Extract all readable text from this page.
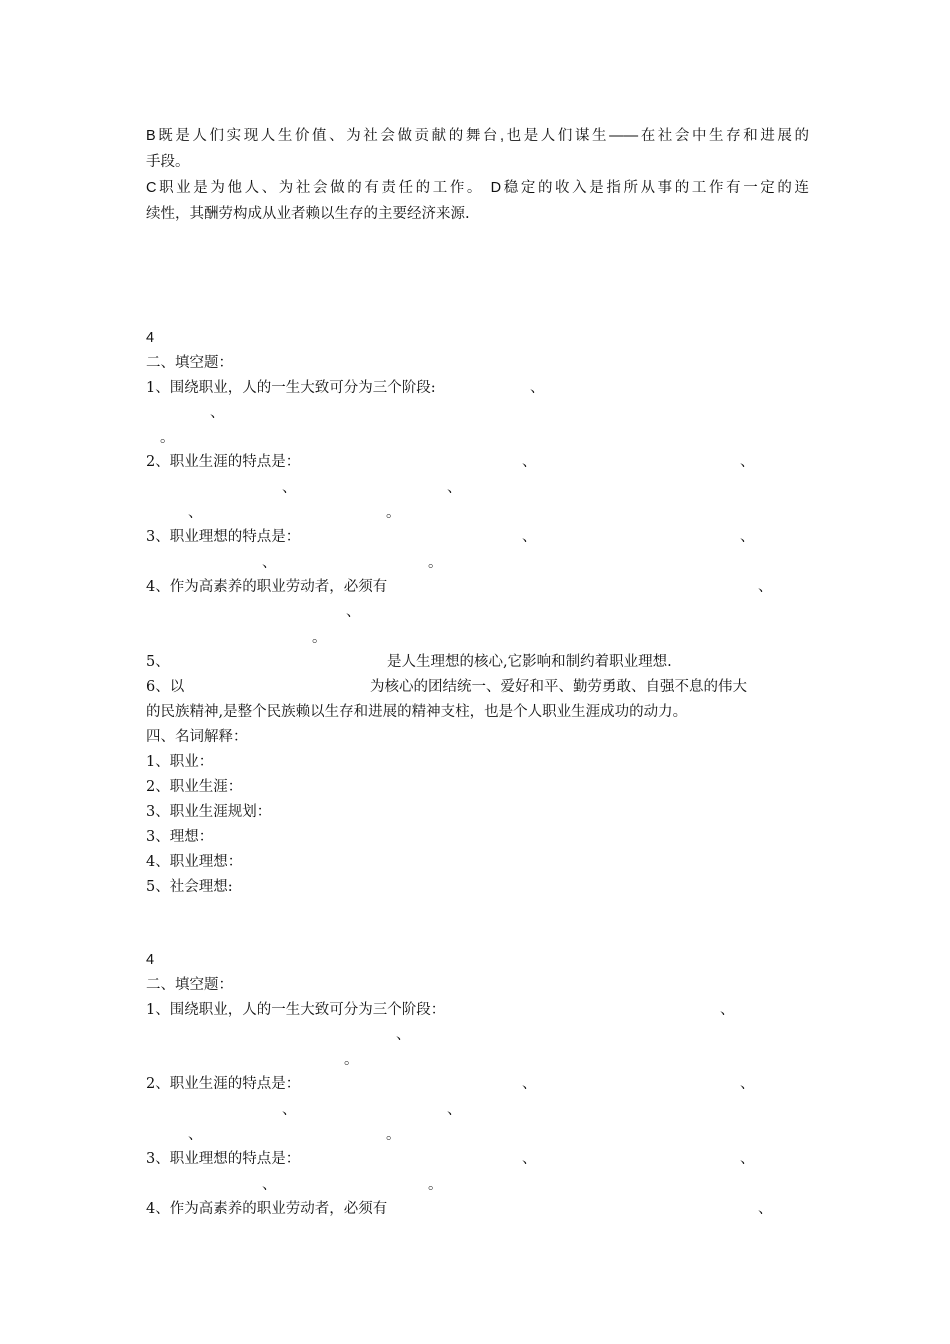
B既是人们实现人生价值、为社会做贡献的舞台,也是人们谋生——在社会中生存和进展的
手段。
C职业是为他人、为社会做的有责任的工作。 D稳定的收入是指所从事的工作有一定的连
续性，其酬劳构成从业者赖以生存的主要经济来源.
4
二、填空题：
1、围绕职业，人的一生大致可分为三个阶段:	、
、
。
2、职业生涯的特点是：	、	、
、	、
、	。
3、职业理想的特点是：	、	、
、	。
4、作为高素养的职业劳动者，必须有	、
、
。
5、	是人生理想的核心,它影响和制约着职业理想.
6、以	为核心的团结统一、爱好和平、勤劳勇敢、自强不息的伟大
的民族精神,是整个民族赖以生存和进展的精神支柱，也是个人职业生涯成功的动力。
四、名词解释：
1、职业：
2、职业生涯：
3、职业生涯规划：
3、理想：
4、职业理想：
5、社会理想:
4
二、填空题：
1、围绕职业，人的一生大致可分为三个阶段：	、
、
。
2、职业生涯的特点是：	、	、
、	、
、	。
3、职业理想的特点是：	、	、
、	。
4、作为高素养的职业劳动者，必须有	、
